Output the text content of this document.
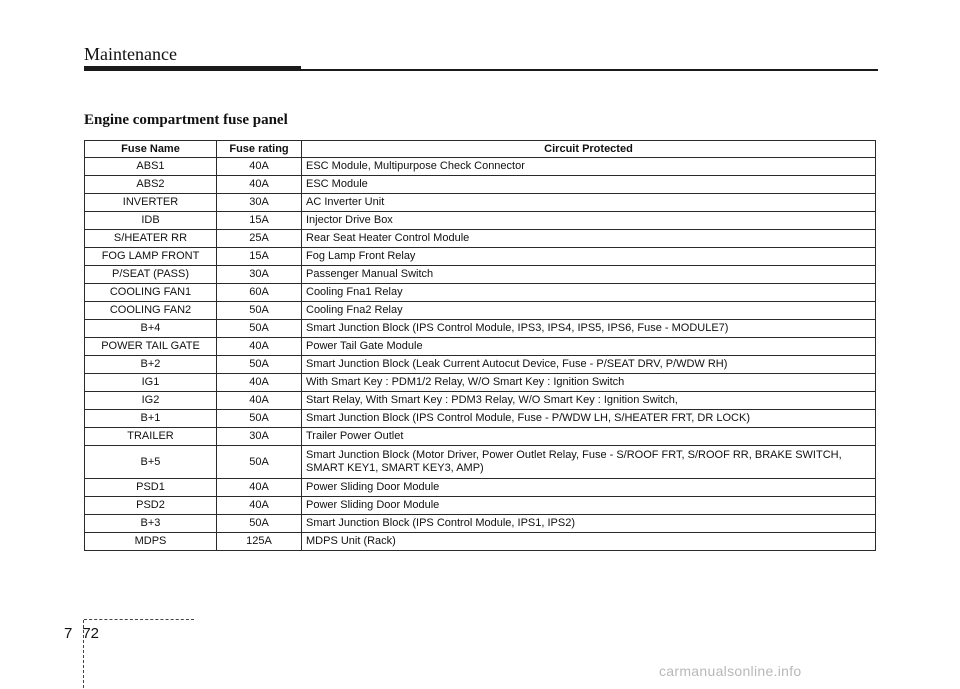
Maintenance
Engine compartment fuse panel
Fuse Name	Fuse rating	Circuit Protected
ABS1	40A	ESC Module, Multipurpose Check Connector
ABS2	40A	ESC Module
INVERTER	30A	AC Inverter Unit
IDB	15A	Injector Drive Box
S/HEATER RR	25A	Rear Seat Heater Control Module
FOG LAMP FRONT	15A	Fog Lamp Front Relay
P/SEAT (PASS)	30A	Passenger Manual Switch
COOLING FAN1	60A	Cooling Fna1 Relay
COOLING FAN2	50A	Cooling Fna2 Relay
B+4	50A	Smart Junction Block (IPS Control Module, IPS3, IPS4, IPS5, IPS6, Fuse - MODULE7)
POWER TAIL GATE	40A	Power Tail Gate Module
B+2	50A	Smart Junction Block (Leak Current Autocut Device, Fuse - P/SEAT DRV, P/WDW RH)
IG1	40A	With Smart Key : PDM1/2 Relay, W/O Smart Key : Ignition Switch
IG2	40A	Start Relay, With Smart Key : PDM3 Relay, W/O Smart Key : Ignition Switch,
B+1	50A	Smart Junction Block (IPS Control Module, Fuse - P/WDW LH, S/HEATER FRT, DR LOCK)
TRAILER	30A	Trailer Power Outlet
B+5	50A	Smart Junction Block (Motor Driver, Power Outlet Relay, Fuse - S/ROOF FRT, S/ROOF RR, BRAKE SWITCH, SMART KEY1, SMART KEY3, AMP)
PSD1	40A	Power Sliding Door Module
PSD2	40A	Power Sliding Door Module
B+3	50A	Smart Junction Block (IPS Control Module, IPS1, IPS2)
MDPS	125A	MDPS Unit (Rack)
7 72
carmanualsonline.info
